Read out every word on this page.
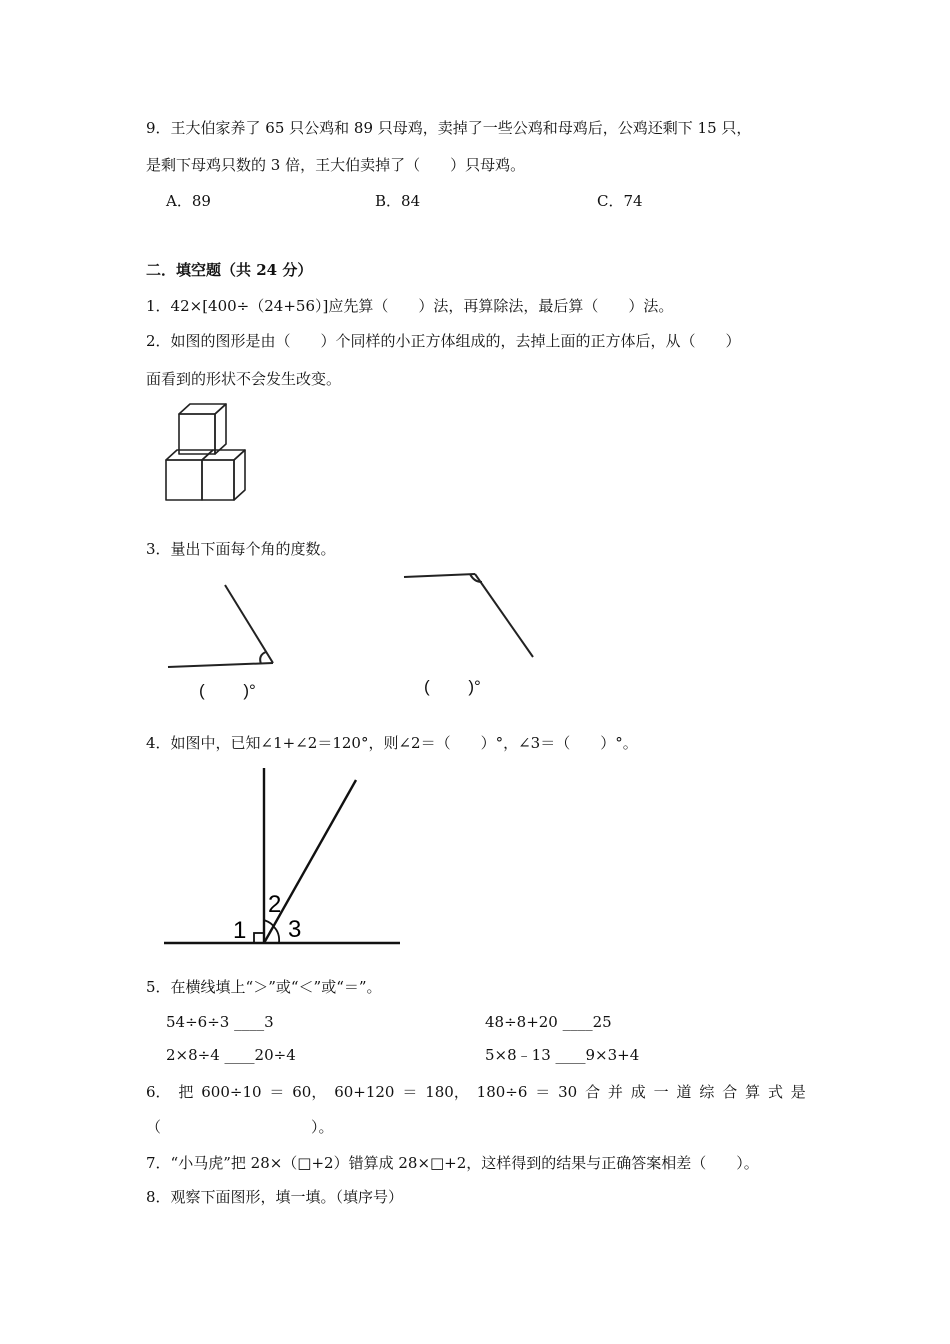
9．王大伯家养了 65 只公鸡和 89 只母鸡，卖掉了一些公鸡和母鸡后，公鸡还剩下 15 只，
是剩下母鸡只数的 3 倍，王大伯卖掉了（　　）只母鸡。
A．89	B．84	C．74
二．填空题（共 24 分）
1．42×[400÷（24+56）]应先算（　　）法，再算除法，最后算（　　）法。
2．如图的图形是由（　　）个同样的小正方体组成的，去掉上面的正方体后，从（　　）
面看到的形状不会发生改变。
3．量出下面每个角的度数。
(　　 )°	(　　 )°
4．如图中，已知∠1+∠2＝120°，则∠2＝（　　）°，∠3＝（　　）°。
1
2
3
5．在横线填上“＞”或“＜”或“＝”。
54÷6÷3 ____3	48÷8+20 ____25
2×8÷4 ____20÷4	5×8﹣13 ____9×3+4
6． 把 600÷10 ＝ 60， 60+120 ＝ 180， 180÷6 ＝ 30 合 并 成 一 道 综 合 算 式 是
（　　　　　　　　　　）。
7．“小马虎”把 28×（□+2）错算成 28×□+2，这样得到的结果与正确答案相差（　　）。
8．观察下面图形，填一填。（填序号）
